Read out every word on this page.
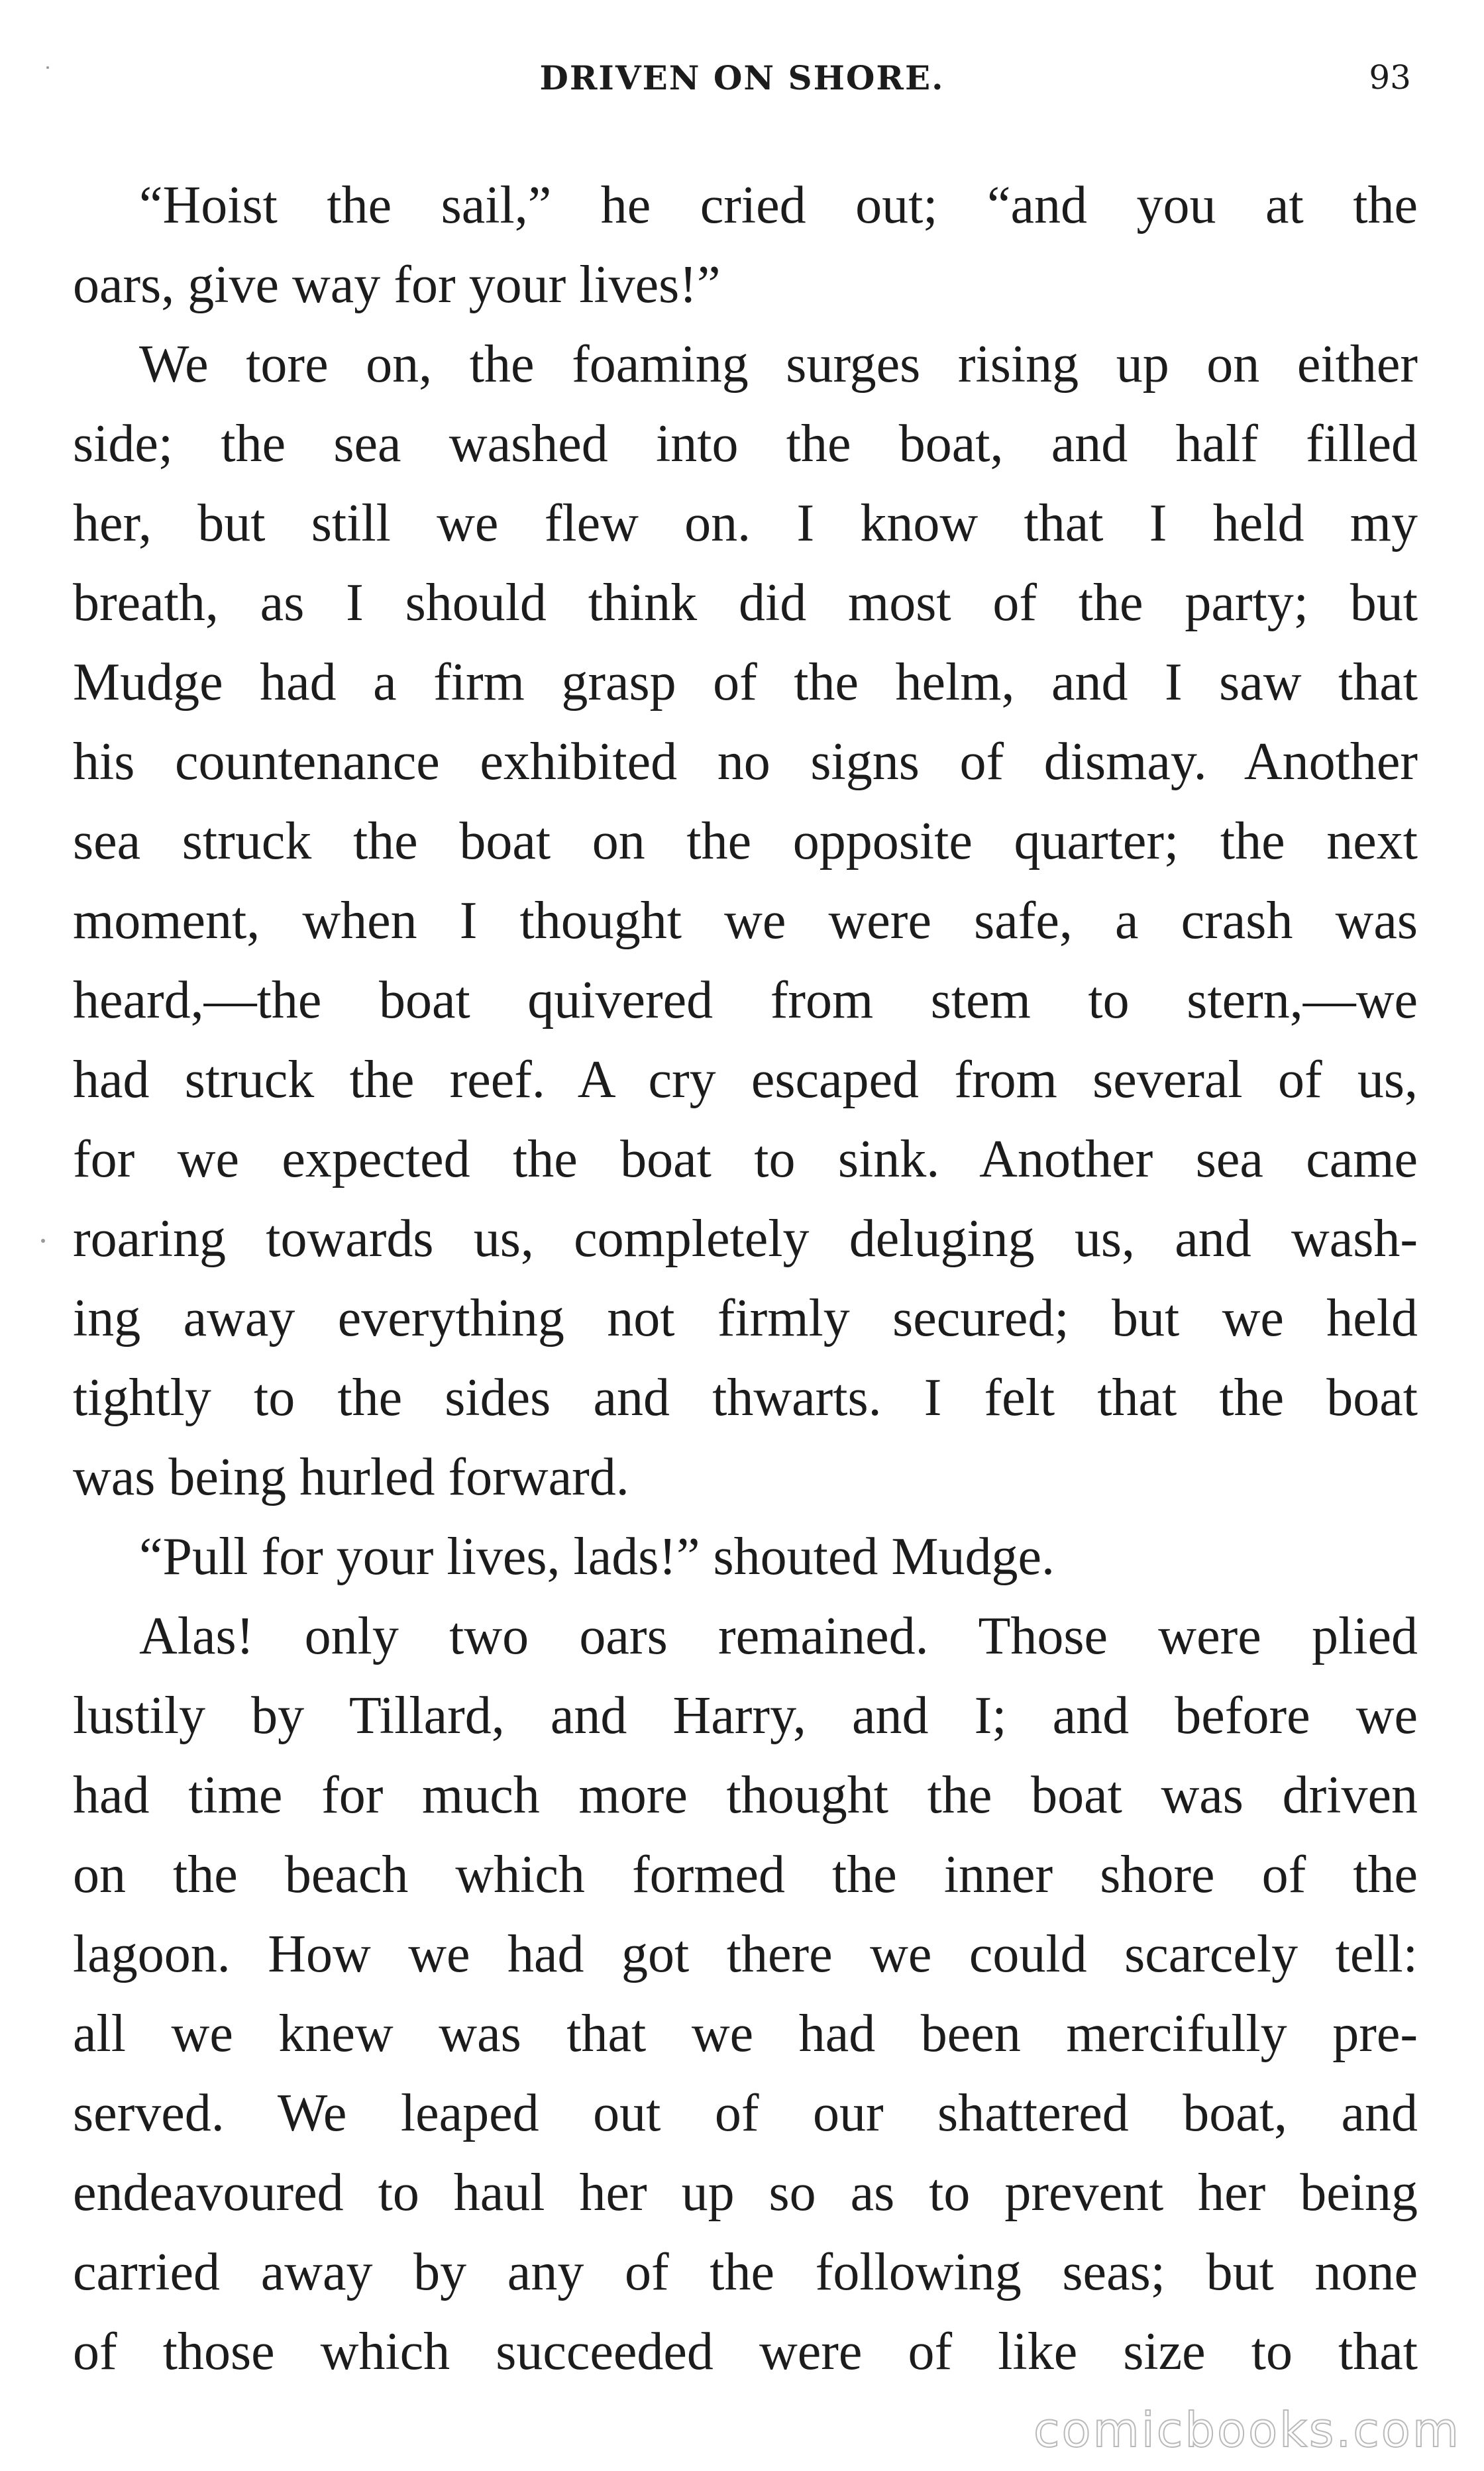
DRIVEN ON SHORE.	93
“Hoist the sail,” he cried out; “and you at the
oars, give way for your lives!”
We tore on, the foaming surges rising up on either
side; the sea washed into the boat, and half filled
her, but still we flew on. I know that I held my
breath, as I should think did most of the party; but
Mudge had a firm grasp of the helm, and I saw that
his countenance exhibited no signs of dismay. Another
sea struck the boat on the opposite quarter; the next
moment, when I thought we were safe, a crash was
heard,—the boat quivered from stem to stern,—we
had struck the reef. A cry escaped from several of us,
for we expected the boat to sink. Another sea came
roaring towards us, completely deluging us, and wash-
ing away everything not firmly secured; but we held
tightly to the sides and thwarts. I felt that the boat
was being hurled forward.
“Pull for your lives, lads!” shouted Mudge.
Alas! only two oars remained. Those were plied
lustily by Tillard, and Harry, and I; and before we
had time for much more thought the boat was driven
on the beach which formed the inner shore of the
lagoon. How we had got there we could scarcely tell:
all we knew was that we had been mercifully pre-
served. We leaped out of our shattered boat, and
endeavoured to haul her up so as to prevent her being
carried away by any of the following seas; but none
of those which succeeded were of like size to that
comicbooks.com
